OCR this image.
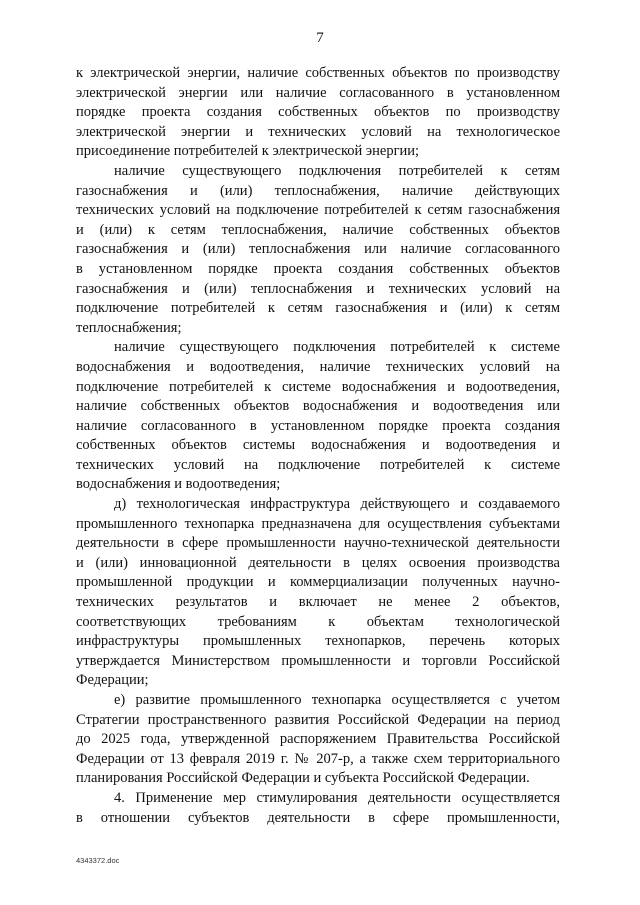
7
к электрической энергии, наличие собственных объектов по производству
электрической энергии или наличие согласованного в установленном
порядке проекта создания собственных объектов по производству
электрической энергии и технических условий на технологическое
присоединение потребителей к электрической энергии;
наличие существующего подключения потребителей к сетям
газоснабжения и (или) теплоснабжения, наличие действующих
технических условий на подключение потребителей к сетям газоснабжения
и (или) к сетям теплоснабжения, наличие собственных объектов
газоснабжения и (или) теплоснабжения или наличие согласованного
в установленном порядке проекта создания собственных объектов
газоснабжения и (или) теплоснабжения и технических условий на
подключение потребителей к сетям газоснабжения и (или) к сетям
теплоснабжения;
наличие существующего подключения потребителей к системе
водоснабжения и водоотведения, наличие технических условий на
подключение потребителей к системе водоснабжения и водоотведения,
наличие собственных объектов водоснабжения и водоотведения или
наличие согласованного в установленном порядке проекта создания
собственных объектов системы водоснабжения и водоотведения и
технических условий на подключение потребителей к системе
водоснабжения и водоотведения;
д) технологическая инфраструктура действующего и создаваемого
промышленного технопарка предназначена для осуществления субъектами
деятельности в сфере промышленности научно-технической деятельности
и (или) инновационной деятельности в целях освоения производства
промышленной продукции и коммерциализации полученных научно-
технических результатов и включает не менее 2 объектов,
соответствующих требованиям к объектам технологической
инфраструктуры промышленных технопарков, перечень которых
утверждается Министерством промышленности и торговли Российской
Федерации;
е) развитие промышленного технопарка осуществляется с учетом
Стратегии пространственного развития Российской Федерации на период
до 2025 года, утвержденной распоряжением Правительства Российской
Федерации от 13 февраля 2019 г. № 207-р, а также схем территориального
планирования Российской Федерации и субъекта Российской Федерации.
4. Применение мер стимулирования деятельности осуществляется
в отношении субъектов деятельности в сфере промышленности,
4343372.doc
